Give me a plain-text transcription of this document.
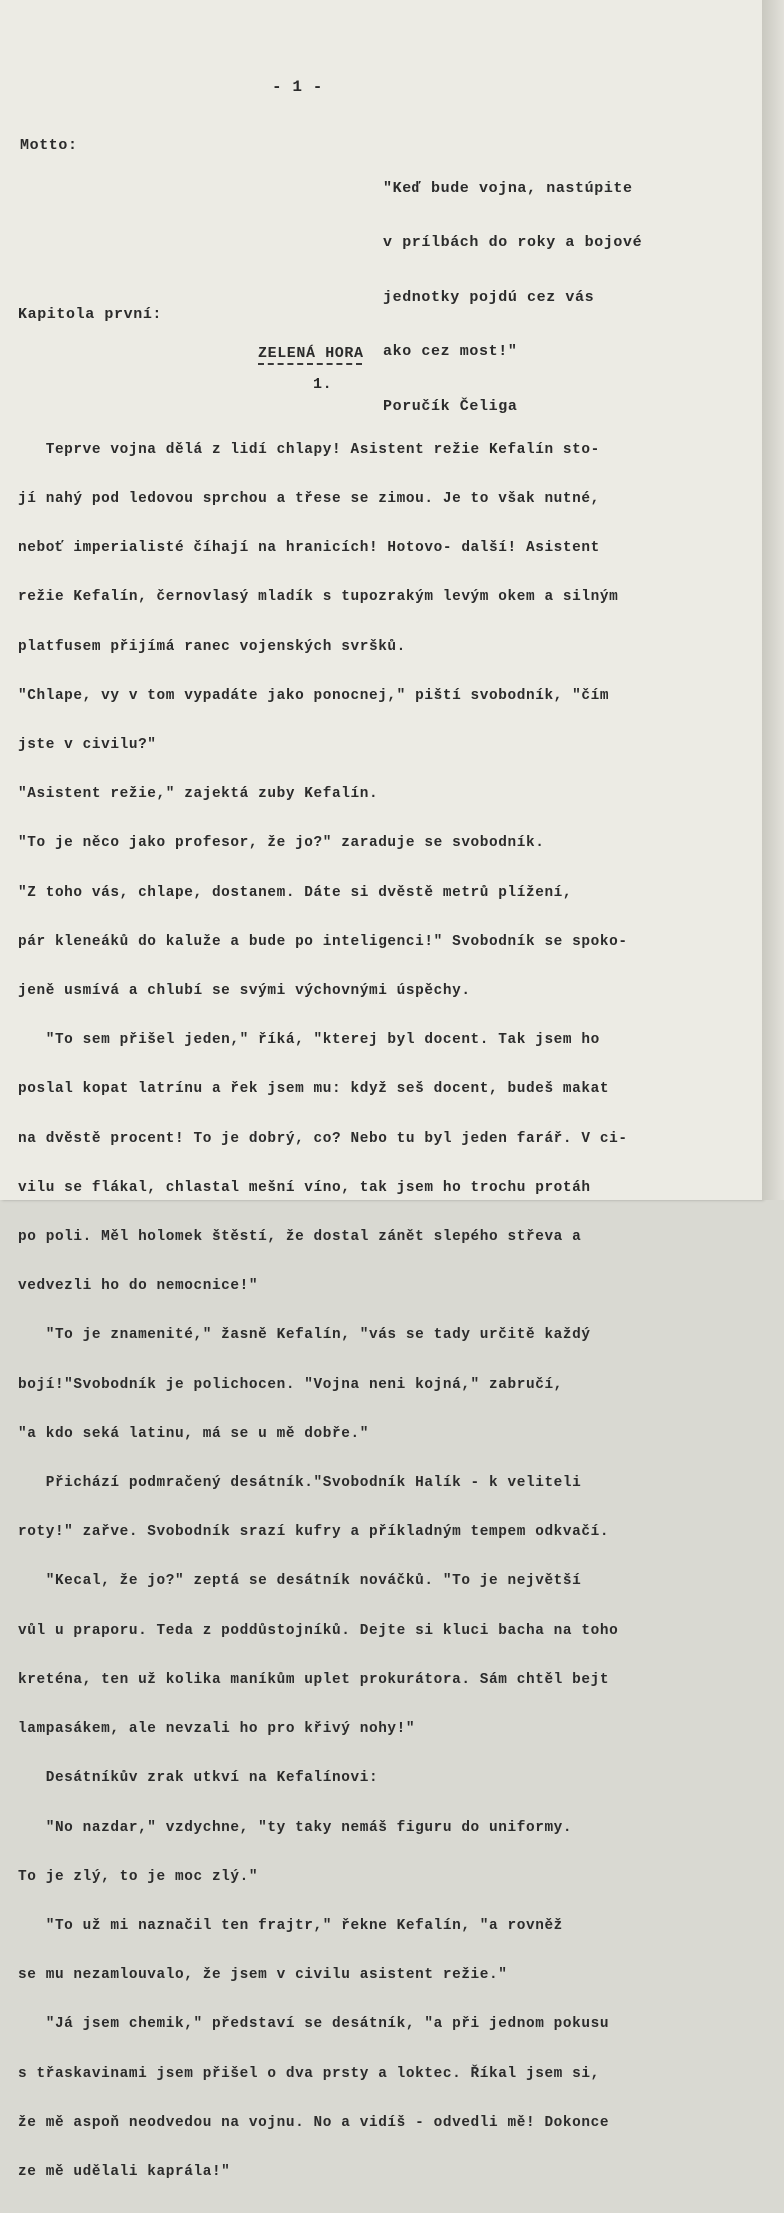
- 1 -
Motto:

"Keď bude vojna, nastúpite

v prílbách do roky a bojové

jednotky pojdú cez vás

ako cez most!"

Poručík Čeliga

Kapitola první:
ZELENÁ HORA
1.

Teprve vojna dělá z lidí chlapy! Asistent režie Kefalín sto-

jí nahý pod ledovou sprchou a třese se zimou. Je to však nutné,

neboť imperialisté číhají na hranicích! Hotovo- další! Asistent

režie Kefalín, černovlasý mladík s tupozrakým levým okem a silným

platfusem přijímá ranec vojenských svršků.

"Chlape, vy v tom vypadáte jako ponocnej," piští svobodník, "čím

jste v civilu?"

"Asistent režie," zajektá zuby Kefalín.

"To je něco jako profesor, že jo?" zaraduje se svobodník.

"Z toho vás, chlape, dostanem. Dáte si dvěstě metrů plížení,

pár kleneáků do kaluže a bude po inteligenci!" Svobodník se spoko-

jeně usmívá a chlubí se svými výchovnými úspěchy.

"To sem přišel jeden," říká, "kterej byl docent. Tak jsem ho

poslal kopat latrínu a řek jsem mu: když seš docent, budeš makat

na dvěstě procent! To je dobrý, co? Nebo tu byl jeden farář. V ci-

vilu se flákal, chlastal mešní víno, tak jsem ho trochu protáh

po poli. Měl holomek štěstí, že dostal zánět slepého střeva a

vedvezli ho do nemocnice!"

"To je znamenité," žasně Kefalín, "vás se tady určitě každý

bojí!"Svobodník je polichocen. "Vojna neni kojná," zabručí,

"a kdo seká latinu, má se u mě dobře."

Přichází podmračený desátník."Svobodník Halík - k veliteli

roty!" zařve. Svobodník srazí kufry a příkladným tempem odkvačí.

"Kecal, že jo?" zeptá se desátník nováčků. "To je největší

vůl u praporu. Teda z poddůstojníků. Dejte si kluci bacha na toho

kreténa, ten už kolika maníkům uplet prokurátora. Sám chtěl bejt

lampasákem, ale nevzali ho pro křivý nohy!"

Desátníkův zrak utkví na Kefalínovi:

"No nazdar," vzdychne, "ty taky nemáš figuru do uniformy.

To je zlý, to je moc zlý."

"To už mi naznačil ten frajtr," řekne Kefalín, "a rovněž

se mu nezamlouvalo, že jsem v civilu asistent režie."

"Já jsem chemik," představí se desátník, "a při jednom pokusu

s třaskavinami jsem přišel o dva prsty a loktec. Říkal jsem si,

že mě aspoň neodvedou na vojnu. No a vidíš - odvedli mě! Dokonce

ze mě udělali kaprála!"
